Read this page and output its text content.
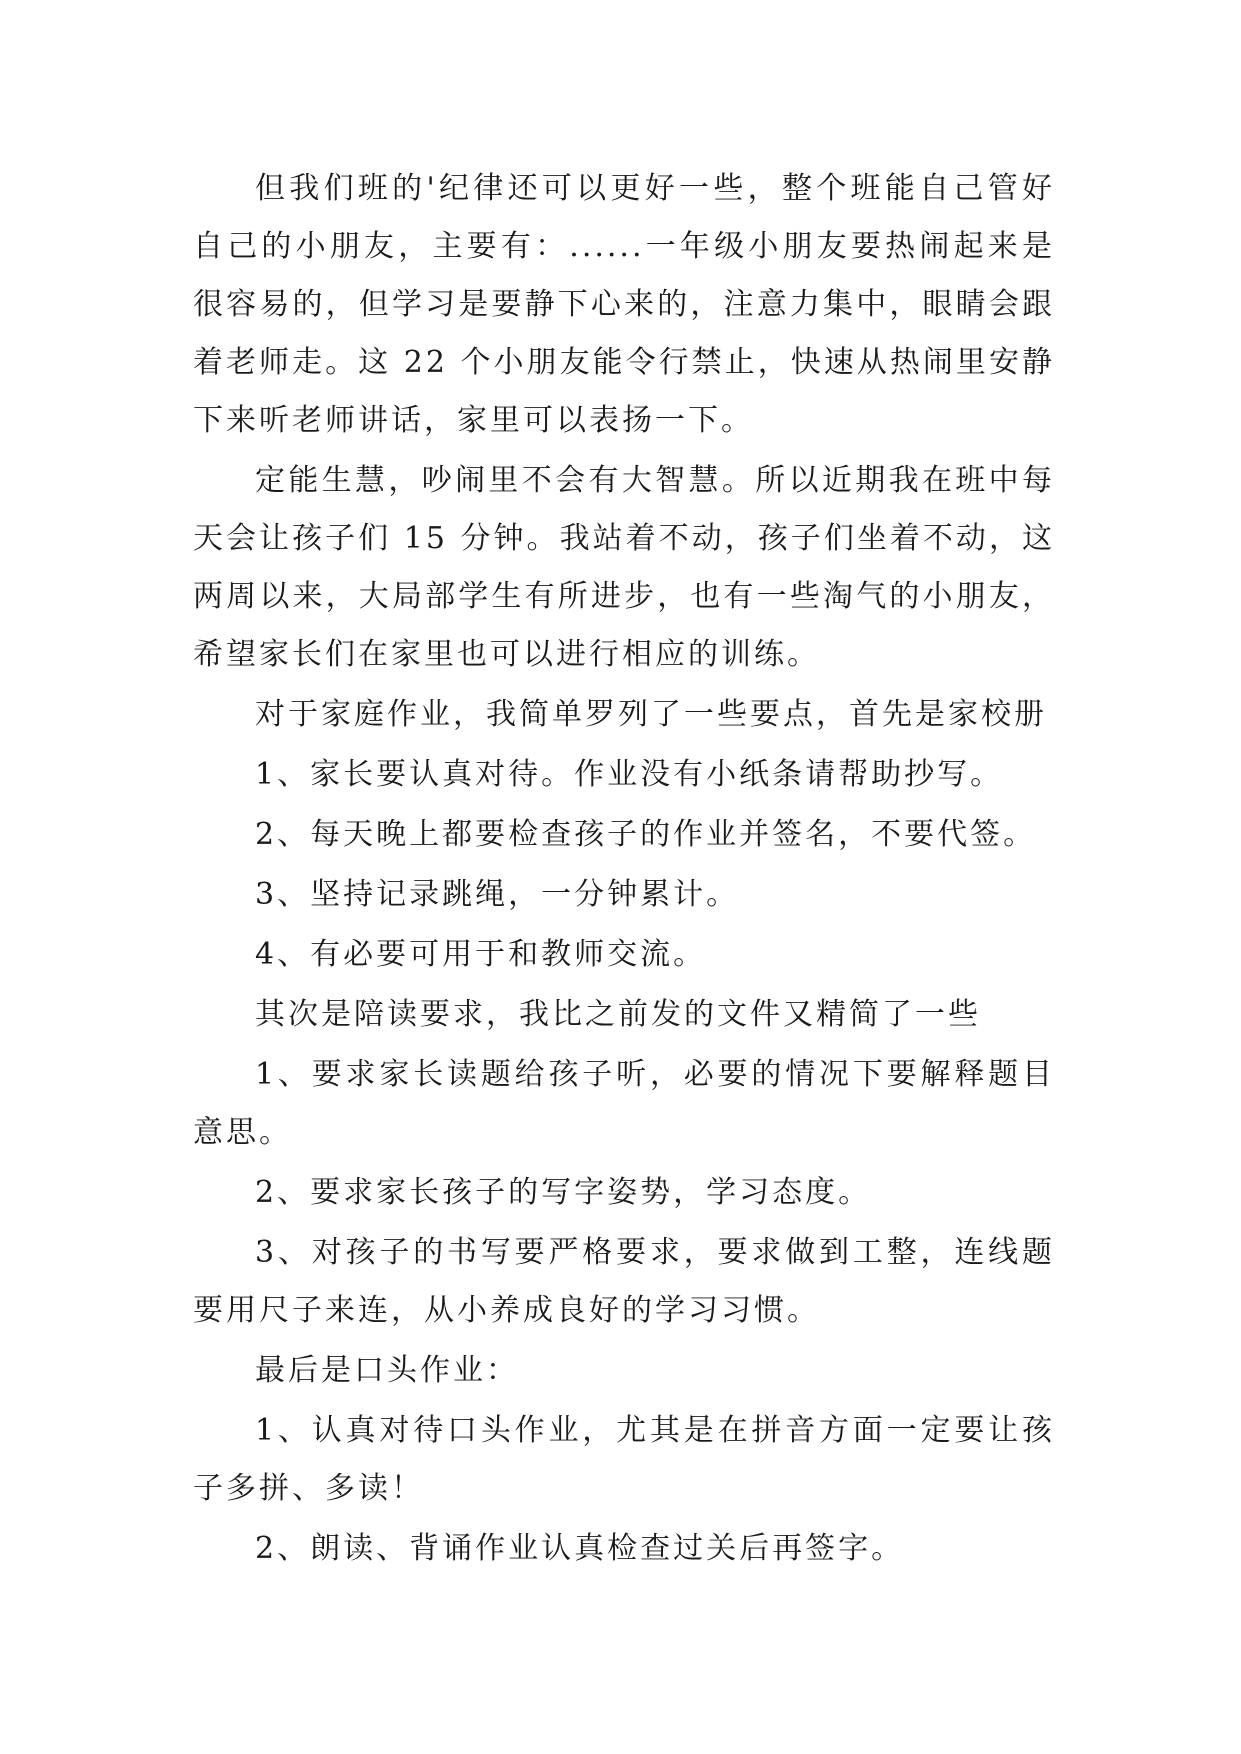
但我们班的'纪律还可以更好一些，整个班能自己管好自己的小朋友，主要有：......一年级小朋友要热闹起来是很容易的，但学习是要静下心来的，注意力集中，眼睛会跟着老师走。这 22 个小朋友能令行禁止，快速从热闹里安静下来听老师讲话，家里可以表扬一下。

定能生慧，吵闹里不会有大智慧。所以近期我在班中每天会让孩子们 15 分钟。我站着不动，孩子们坐着不动，这两周以来，大局部学生有所进步，也有一些淘气的小朋友，希望家长们在家里也可以进行相应的训练。

对于家庭作业，我简单罗列了一些要点，首先是家校册

1、家长要认真对待。作业没有小纸条请帮助抄写。

2、每天晚上都要检查孩子的作业并签名，不要代签。

3、坚持记录跳绳，一分钟累计。

4、有必要可用于和教师交流。

其次是陪读要求，我比之前发的文件又精简了一些

1、要求家长读题给孩子听，必要的情况下要解释题目意思。

2、要求家长孩子的写字姿势，学习态度。

3、对孩子的书写要严格要求，要求做到工整，连线题要用尺子来连，从小养成良好的学习习惯。

最后是口头作业：

1、认真对待口头作业，尤其是在拼音方面一定要让孩子多拼、多读！

2、朗读、背诵作业认真检查过关后再签字。
